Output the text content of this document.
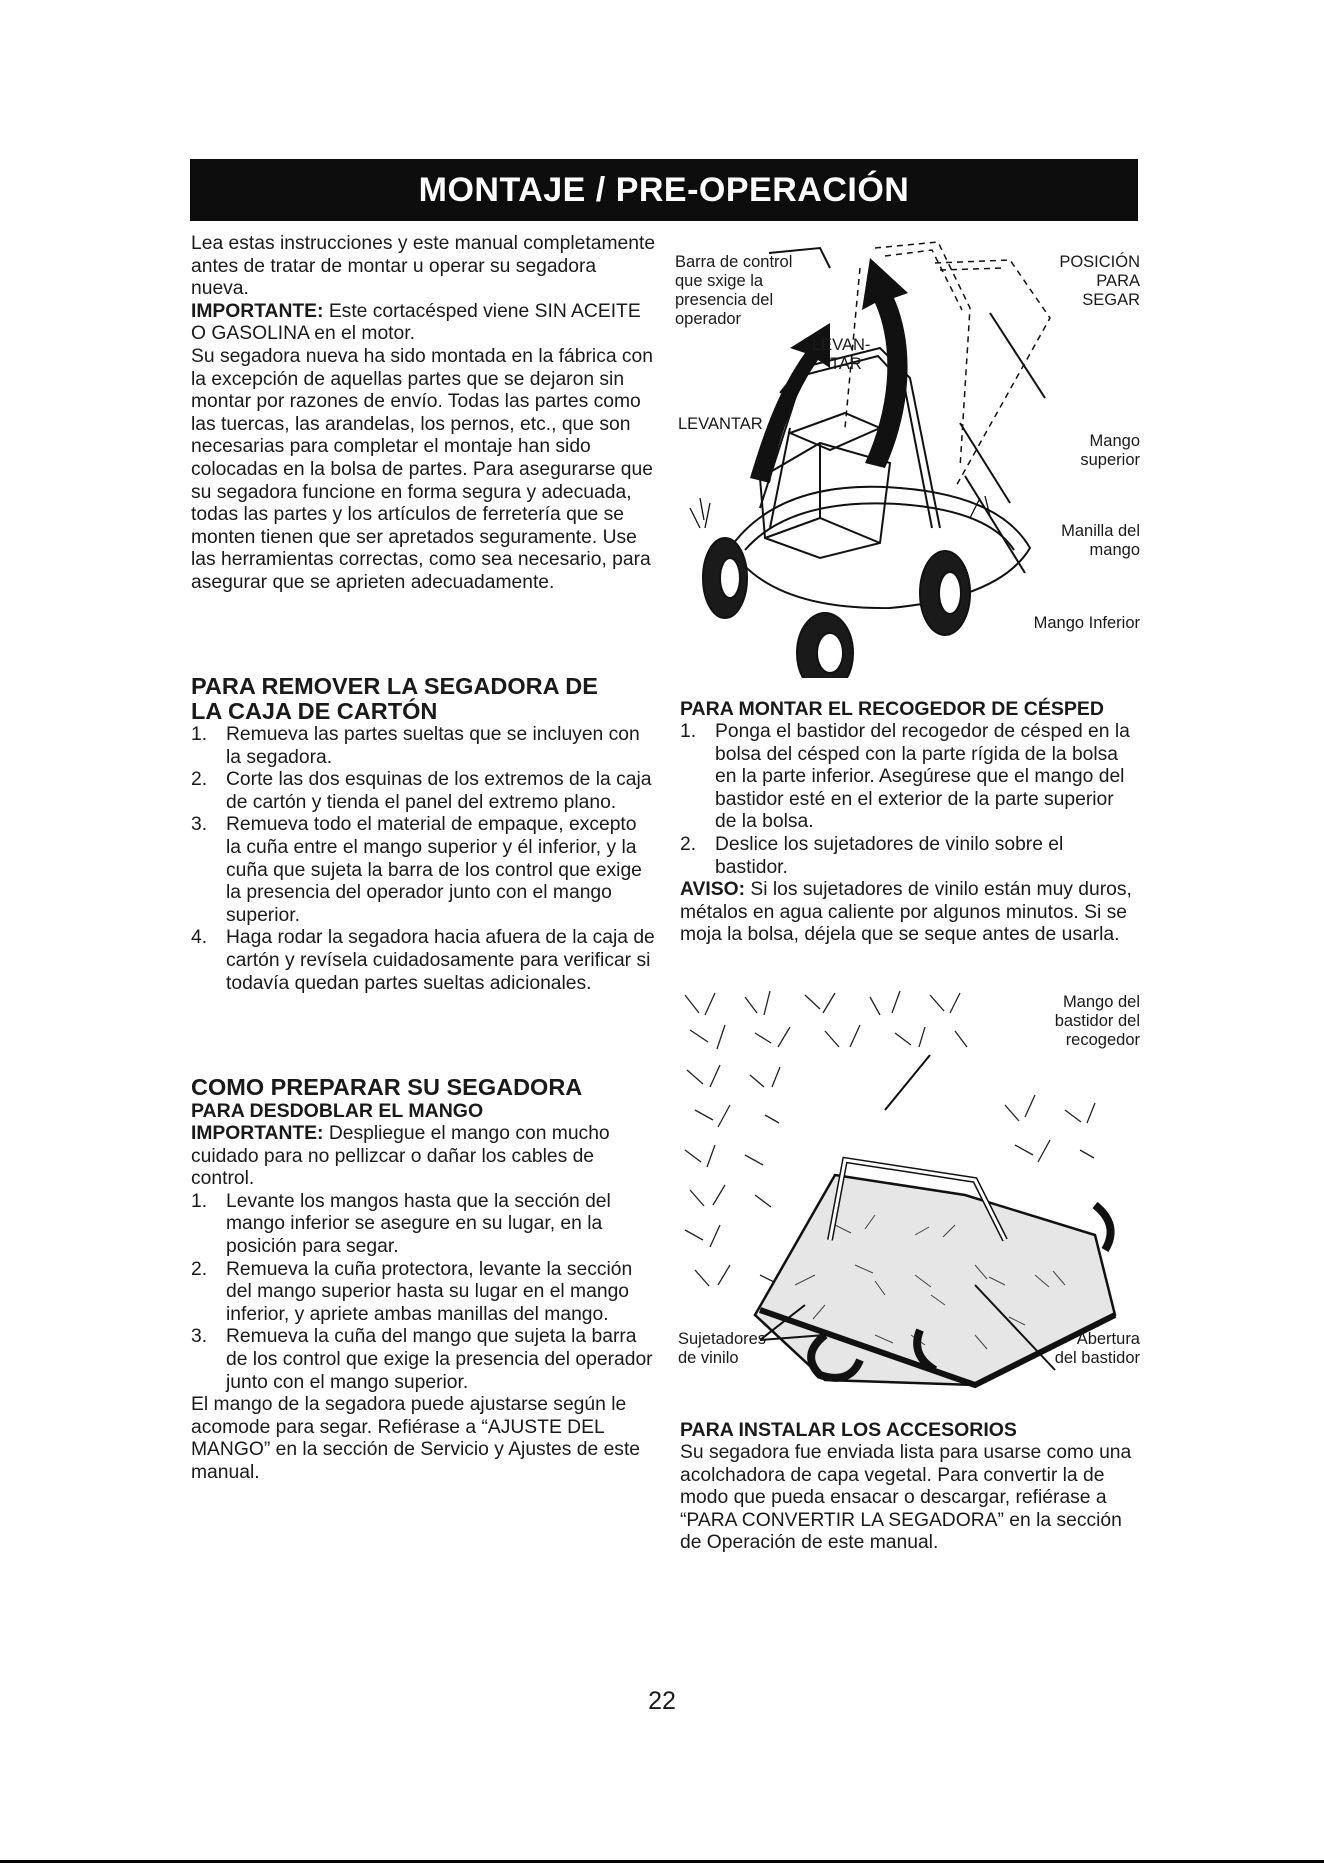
MONTAJE / PRE-OPERACIÓN

Lea estas instrucciones y este manual completamente antes de tratar de montar u operar su segadora nueva.

IMPORTANTE: Este cortacésped viene SIN ACEITE O GASOLINA en el motor.

Su segadora nueva ha sido montada en la fábrica con la excepción de aquellas partes que se dejaron sin montar por razones de envío. Todas las partes como las tuercas, las arandelas, los pernos, etc., que son necesarias para completar el montaje han sido colocadas en la bolsa de partes. Para asegurarse que su segadora funcione en forma segura y adecuada, todas las partes y los artículos de ferretería que se monten tienen que ser apretados seguramente. Use las herramientas correctas, como sea necesario, para asegurar que se aprieten adecuadamente.

PARA REMOVER LA SEGADORA DE

LA CAJA DE CARTÓN

1. Remueva las partes sueltas que se incluyen con la segadora.
2. Corte las dos esquinas de los extremos de la caja de cartón y tienda el panel del extremo plano.
3. Remueva todo el material de empaque, excepto la cuña entre el mango superior y él inferior, y la cuña que sujeta la barra de los control que exige la presencia del operador junto con el mango superior.
4. Haga rodar la segadora hacia afuera de la caja de cartón y revísela cuidadosamente para verificar si todavía quedan partes sueltas adicionales.

COMO PREPARAR SU SEGADORA

PARA DESDOBLAR EL MANGO

IMPORTANTE: Despliegue el mango con mucho cuidado para no pellizcar o dañar los cables de control.

1. Levante los mangos hasta que la sección del mango inferior se asegure en su lugar, en la posición para segar.
2. Remueva la cuña protectora, levante la sección del mango superior hasta su lugar en el mango inferior, y apriete ambas manillas del mango.
3. Remueva la cuña del mango que sujeta la barra de los control que exige la presencia del operador junto con el mango superior.

El mango de la segadora puede ajustarse según le acomode para segar. Refiérase a “AJUSTE DEL MANGO” en la sección de Servicio y Ajustes de este manual.

Barra de control
que sxige la
presencia del
operador
POSICIÓN
PARA
SEGAR
LEVAN-
TAR
LEVANTAR
Mango
superior
Manilla del
mango
Mango Inferior

PARA MONTAR EL RECOGEDOR DE CÉSPED

1. Ponga el bastidor del recogedor de césped en la bolsa del césped con la parte rígida de la bolsa en la parte inferior. Asegúrese que el mango del bastidor esté en el exterior de la parte superior de la bolsa.
2. Deslice los sujetadores de vinilo sobre el bastidor.

AVISO: Si los sujetadores de vinilo están muy duros, métalos en agua caliente por algunos minutos. Si se moja la bolsa, déjela que se seque antes de usarla.

Mango del
bastidor del
recogedor
Sujetadores
de vinilo
Abertura
del bastidor

PARA INSTALAR LOS ACCESORIOS

Su segadora fue enviada lista para usarse como una acolchadora de capa vegetal. Para convertir la de modo que pueda ensacar o descargar, refiérase a “PARA CONVERTIR LA SEGADORA” en la sección de Operación de este manual.

22
